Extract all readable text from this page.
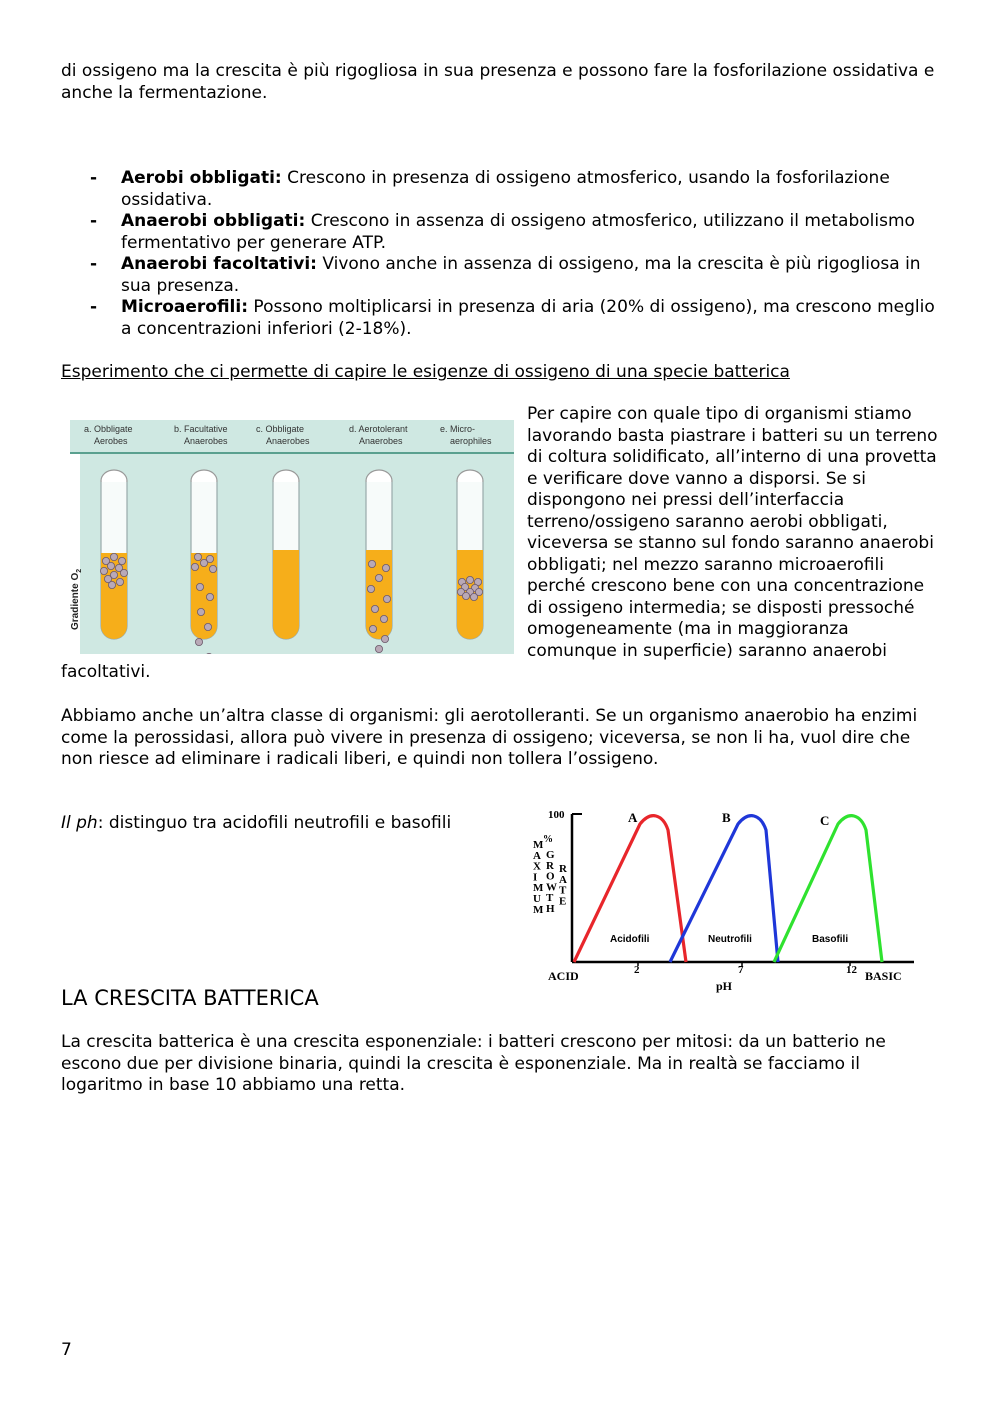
di ossigeno ma la crescita è più rigogliosa in sua presenza e possono fare la fosforilazione ossidativa e anche la fermentazione.

- Aerobi obbligati: Crescono in presenza di ossigeno atmosferico, usando la fosforilazione ossidativa.
- Anaerobi obbligati: Crescono in assenza di ossigeno atmosferico, utilizzano il metabolismo fermentativo per generare ATP.
- Anaerobi facoltativi: Vivono anche in assenza di ossigeno, ma la crescita è più rigogliosa in sua presenza.
- Microaerofili: Possono moltiplicarsi in presenza di aria (20% di ossigeno), ma crescono meglio a concentrazioni inferiori (2-18%).

Esperimento che ci permette di capire le esigenze di ossigeno di una specie batterica

Per capire con quale tipo di organismi stiamo lavorando basta piastrare i batteri su un terreno di coltura solidificato, all’interno di una provetta e verificare dove vanno a disporsi. Se si dispongono nei pressi dell’interfaccia terreno/ossigeno saranno aerobi obbligati, viceversa se stanno sul fondo saranno anaerobi obbligati; nel mezzo saranno microaerofili perché crescono bene con una concentrazione di ossigeno intermedia; se disposti pressoché omogeneamente (ma in maggioranza comunque in superficie) saranno anaerobi facoltativi.

a. Obbligate
Aerobes
b. Facultative
Anaerobes
c. Obbligate
Anaerobes
d. Aerotolerant
Anaerobes
e. Micro-
aerophiles
Gradiente $O_2$

Abbiamo anche un’altra classe di organismi: gli aerotolleranti. Se un organismo anaerobio ha enzimi come la perossidasi, allora può vivere in presenza di ossigeno; viceversa, se non li ha, vuol dire che non riesce ad eliminare i radicali liberi, e quindi non tollera l’ossigeno.

Il ph: distinguo tra acidofili neutrofili e basofili	100
%
M A X I M U M
G R O W T H
R A T E
A
Acidofili
B
Neutrofili
C
Basofili
2	7	12
ACID	BASIC
pH
LA CRESCITA BATTERICA

La crescita batterica è una crescita esponenziale: i batteri crescono per mitosi: da un batterio ne escono due per divisione binaria, quindi la crescita è esponenziale. Ma in realtà se facciamo il logaritmo in base 10 abbiamo una retta.

7
